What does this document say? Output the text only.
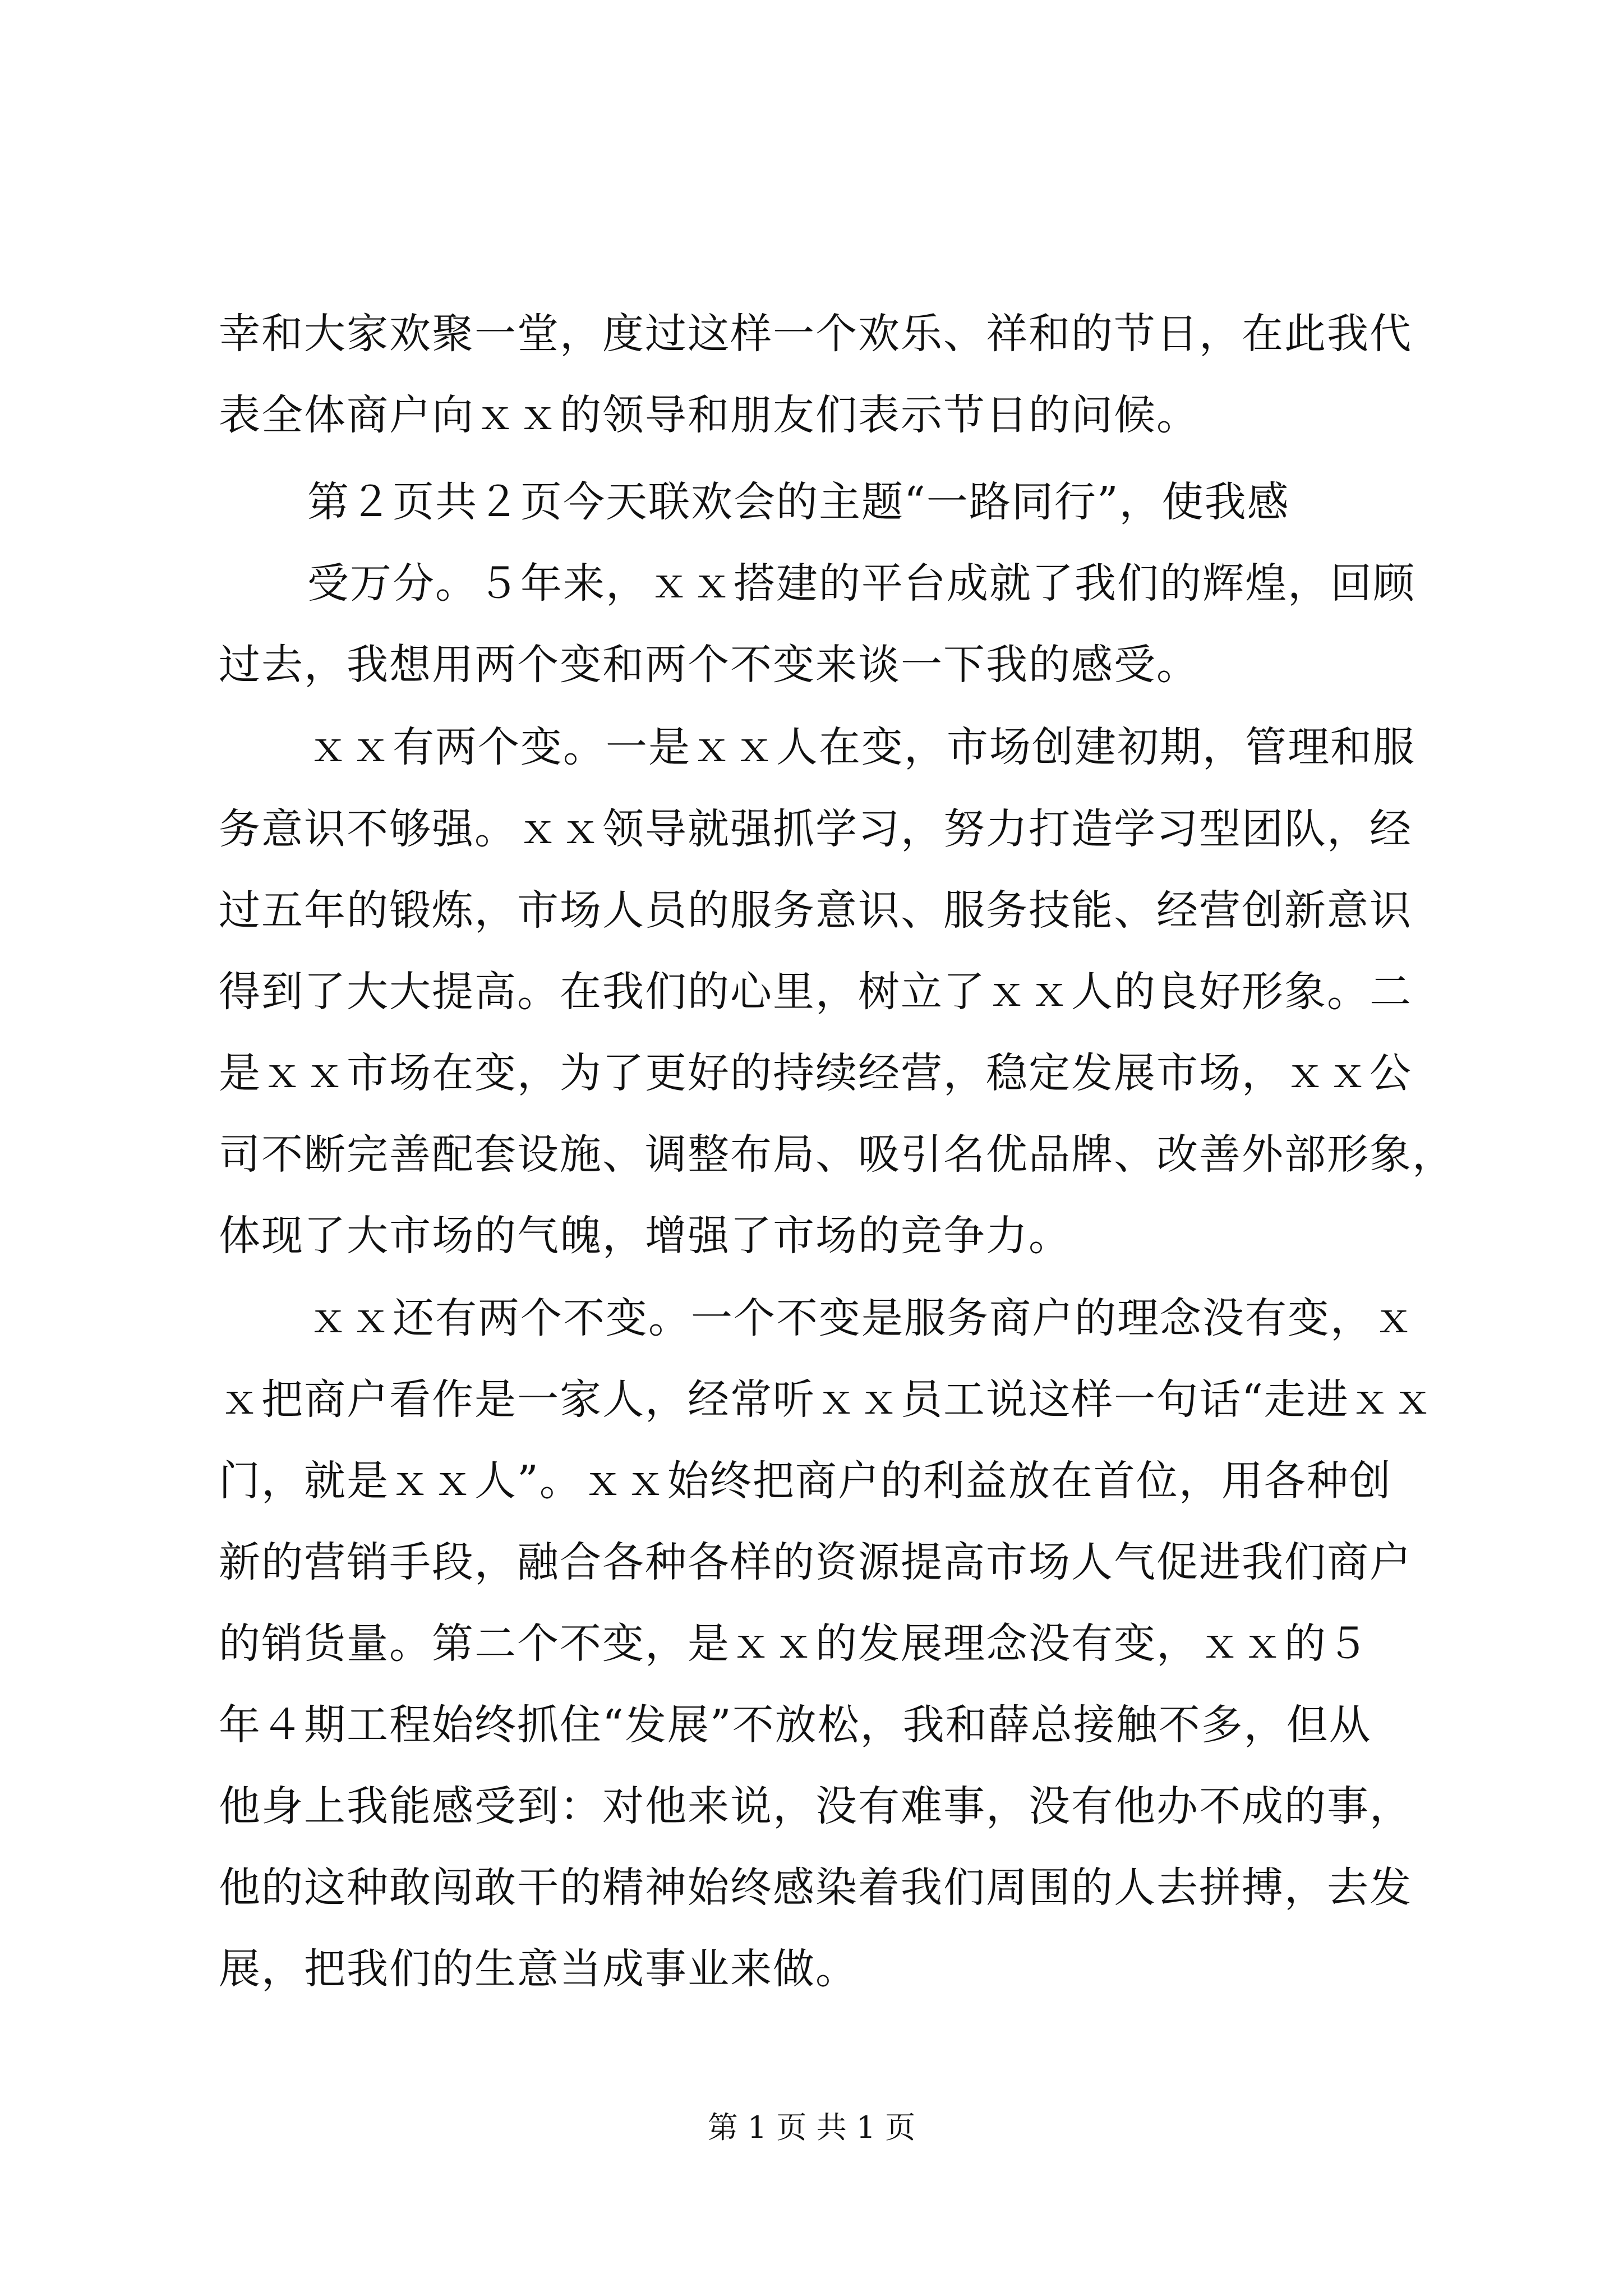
幸和大家欢聚一堂，度过这样一个欢乐、祥和的节日，在此我代
表全体商户向ｘｘ的领导和朋友们表示节日的问候。
第２页共２页今天联欢会的主题“一路同行”，使我感
受万分。５年来，ｘｘ搭建的平台成就了我们的辉煌，回顾
过去，我想用两个变和两个不变来谈一下我的感受。
ｘｘ有两个变。一是ｘｘ人在变，市场创建初期，管理和服
务意识不够强。ｘｘ领导就强抓学习，努力打造学习型团队，经
过五年的锻炼，市场人员的服务意识、服务技能、经营创新意识
得到了大大提高。在我们的心里，树立了ｘｘ人的良好形象。二
是ｘｘ市场在变，为了更好的持续经营，稳定发展市场，ｘｘ公
司不断完善配套设施、调整布局、吸引名优品牌、改善外部形象，
体现了大市场的气魄，增强了市场的竞争力。
ｘｘ还有两个不变。一个不变是服务商户的理念没有变，ｘ
ｘ把商户看作是一家人，经常听ｘｘ员工说这样一句话“走进ｘｘ
门，就是ｘｘ人”。ｘｘ始终把商户的利益放在首位，用各种创
新的营销手段，融合各种各样的资源提高市场人气促进我们商户
的销货量。第二个不变，是ｘｘ的发展理念没有变，ｘｘ的５
年４期工程始终抓住“发展”不放松，我和薛总接触不多，但从
他身上我能感受到：对他来说，没有难事，没有他办不成的事，
他的这种敢闯敢干的精神始终感染着我们周围的人去拼搏，去发
展，把我们的生意当成事业来做。
第 1 页 共 1 页
